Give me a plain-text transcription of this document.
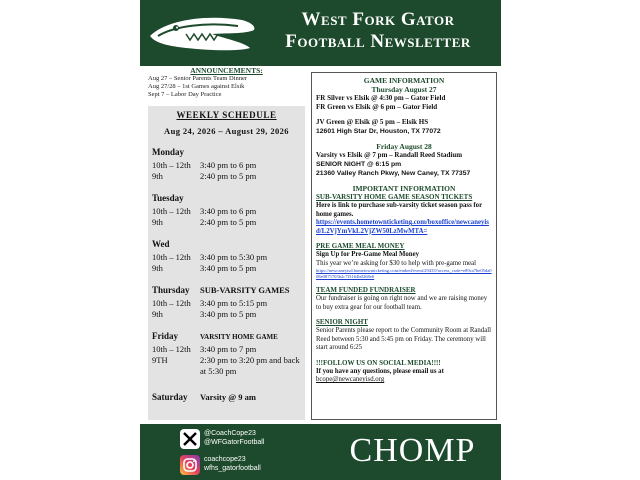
West Fork Gator
Football Newsletter
ANNOUNCEMENTS:
Aug 27 – Senior Parents Team Dinner
Aug 27/28 – 1st Games against Elsik
Sept 7 – Labor Day Practice
WEEKLY SCHEDULE
Aug 24, 2026 – August 29, 2026
Monday
10th – 12th	3:40 pm to 6 pm
9th	2:40 pm to 5 pm
Tuesday
10th – 12th	3:40 pm to 6 pm
9th	2:40 pm to 5 pm
Wed
10th – 12th	3:40 pm to 5:30 pm
9th	3:40 pm to 5 pm
Thursday SUB-VARSITY GAMES
10th – 12th	3:40 pm to 5:15 pm
9th	3:40 pm to 5 pm
Friday	VARSITY HOME GAME
10th – 12th	3:40 pm to 7 pm
9TH	2:30 pm to 3:20 pm and back at 5:30 pm
Saturday Varsity @ 9 am
GAME INFORMATION
Thursday August 27
FR Silver vs Elsik @ 4:30 pm – Gator Field
FR Green vs Elsik @ 6 pm – Gator Field
JV Green @ Elsik @ 5 pm – Elsik HS
12601 High Star Dr, Houston, TX 77072
Friday August 28
Varsity vs Elsik @ 7 pm – Randall Reed Stadium
SENIOR NIGHT @ 6:15 pm
21360 Valley Ranch Pkwy, New Caney, TX 77357
IMPORTANT INFORMATION
SUB-VARSITY HOME GAME SEASON TICKETS
Here is link to purchase sub-varsity ticket season pass for home games.
https://events.hometownticketing.com/boxoffice/newcaneyisd/L2VjYmVkL2VjZW50LzMwMTA=
PRE GAME MEAL MONEY
Sign Up for Pre-Game Meal Money
This year we’re asking for $30 to help with pre-game meal
https://newcaneyisd.hometownticketing.com/embed/event/29433?access_code=e89ca7be05da008e0875703b2c7f3164b0268e6
TEAM FUNDED FUNDRAISER
Our fundraiser is going on right now and we are raising money to buy extra gear for our football team.
SENIOR NIGHT
Senior Parents please report to the Community Room at Randall Reed between 5:30 and 5:45 pm on Friday. The ceremony will start around 6:25
!!!FOLLOW US ON SOCIAL MEDIA!!!!
If you have any questions, please email us at
bcope@newcaneyisd.org
@CoachCope23
@WFGatorFootball
coachcope23
wfhs_gatorfootball	CHOMP
